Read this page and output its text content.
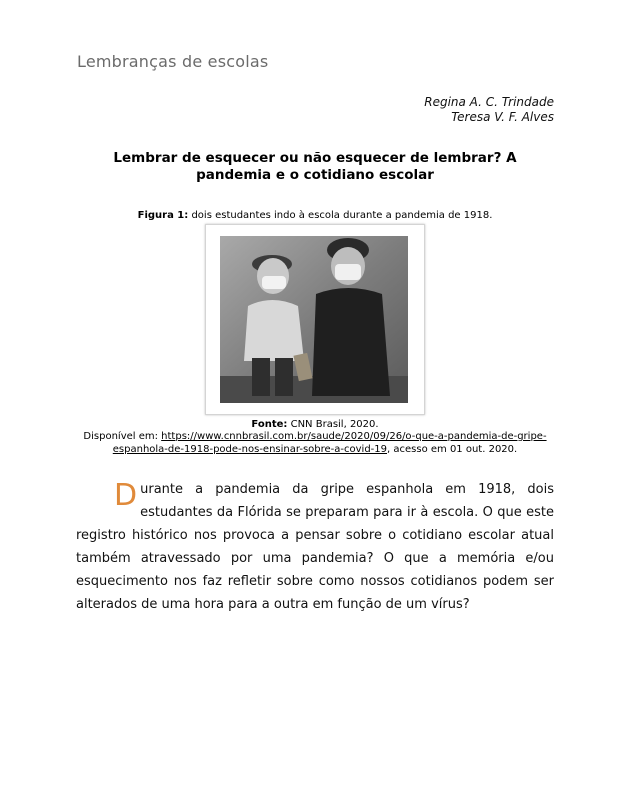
Lembranças de escolas
Regina A. C. Trindade
Teresa V. F. Alves
Lembrar de esquecer ou não esquecer de lembrar? A pandemia e o cotidiano escolar
Figura 1: dois estudantes indo à escola durante a pandemia de 1918.
Fonte: CNN Brasil, 2020.
Disponível em: https://www.cnnbrasil.com.br/saude/2020/09/26/o-que-a-pandemia-de-gripe-espanhola-de-1918-pode-nos-ensinar-sobre-a-covid-19, acesso em 01 out. 2020.
D urante a pandemia da gripe espanhola em 1918, dois estudantes da Flórida se preparam para ir à escola. O que este registro histórico nos provoca a pensar sobre o cotidiano escolar atual também atravessado por uma pandemia? O que a memória e/ou esquecimento nos faz refletir sobre como nossos cotidianos podem ser alterados de uma hora para a outra em função de um vírus?
